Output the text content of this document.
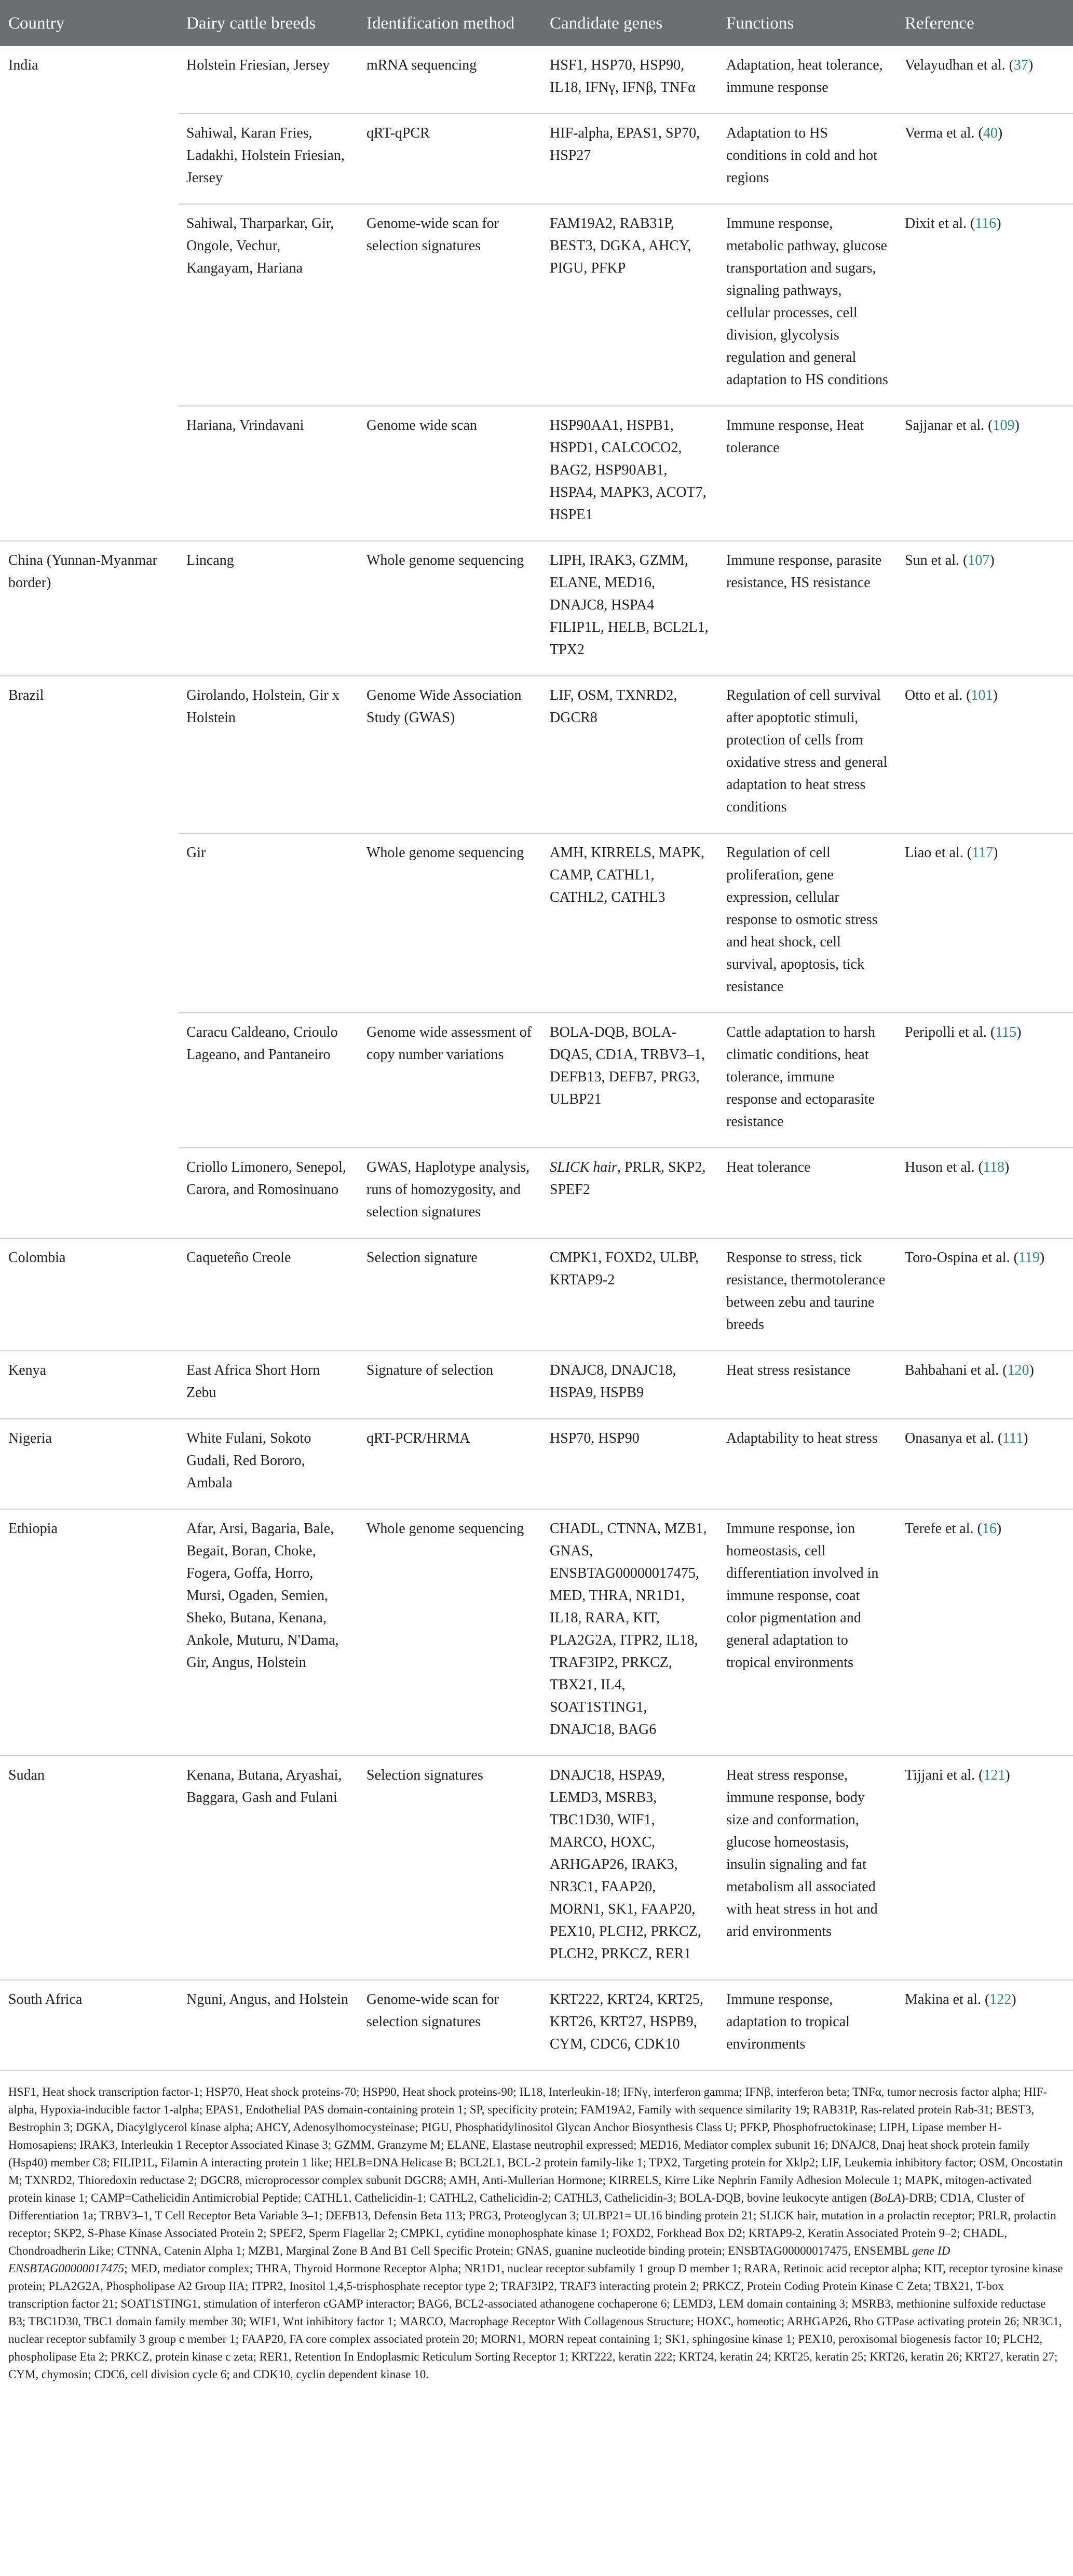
Country	Dairy cattle breeds	Identification method	Candidate genes	Functions	Reference
India	Holstein Friesian, Jersey	mRNA sequencing	HSF1, HSP70, HSP90, IL18, IFNγ, IFNβ, TNFα	Adaptation, heat tolerance, immune response	Velayudhan et al. (37)
	Sahiwal, Karan Fries, Ladakhi, Holstein Friesian, Jersey	qRT-qPCR	HIF-alpha, EPAS1, SP70, HSP27	Adaptation to HS conditions in cold and hot regions	Verma et al. (40)
	Sahiwal, Tharparkar, Gir, Ongole, Vechur, Kangayam, Hariana	Genome-wide scan for selection signatures	FAM19A2, RAB31P, BEST3, DGKA, AHCY, PIGU, PFKP	Immune response, metabolic pathway, glucose transportation and sugars, signaling pathways, cellular processes, cell division, glycolysis regulation and general adaptation to HS conditions	Dixit et al. (116)
	Hariana, Vrindavani	Genome wide scan	HSP90AA1, HSPB1, HSPD1, CALCOCO2, BAG2, HSP90AB1, HSPA4, MAPK3, ACOT7, HSPE1	Immune response, Heat tolerance	Sajjanar et al. (109)
China (Yunnan-Myanmar border)	Lincang	Whole genome sequencing	LIPH, IRAK3, GZMM, ELANE, MED16, DNAJC8, HSPA4 FILIP1L, HELB, BCL2L1, TPX2	Immune response, parasite resistance, HS resistance	Sun et al. (107)
Brazil	Girolando, Holstein, Gir x Holstein	Genome Wide Association Study (GWAS)	LIF, OSM, TXNRD2, DGCR8	Regulation of cell survival after apoptotic stimuli, protection of cells from oxidative stress and general adaptation to heat stress conditions	Otto et al. (101)
	Gir	Whole genome sequencing	AMH, KIRRELS, MAPK, CAMP, CATHL1, CATHL2, CATHL3	Regulation of cell proliferation, gene expression, cellular response to osmotic stress and heat shock, cell survival, apoptosis, tick resistance	Liao et al. (117)
	Caracu Caldeano, Crioulo Lageano, and Pantaneiro	Genome wide assessment of copy number variations	BOLA-DQB, BOLA-DQA5, CD1A, TRBV3–1, DEFB13, DEFB7, PRG3, ULBP21	Cattle adaptation to harsh climatic conditions, heat tolerance, immune response and ectoparasite resistance	Peripolli et al. (115)
	Criollo Limonero, Senepol, Carora, and Romosinuano	GWAS, Haplotype analysis, runs of homozygosity, and selection signatures	SLICK hair, PRLR, SKP2, SPEF2	Heat tolerance	Huson et al. (118)
Colombia	Caqueteño Creole	Selection signature	CMPK1, FOXD2, ULBP, KRTAP9-2	Response to stress, tick resistance, thermotolerance between zebu and taurine breeds	Toro-Ospina et al. (119)
Kenya	East Africa Short Horn Zebu	Signature of selection	DNAJC8, DNAJC18, HSPA9, HSPB9	Heat stress resistance	Bahbahani et al. (120)
Nigeria	White Fulani, Sokoto Gudali, Red Bororo, Ambala	qRT-PCR/HRMA	HSP70, HSP90	Adaptability to heat stress	Onasanya et al. (111)
Ethiopia	Afar, Arsi, Bagaria, Bale, Begait, Boran, Choke, Fogera, Goffa, Horro, Mursi, Ogaden, Semien, Sheko, Butana, Kenana, Ankole, Muturu, N'Dama, Gir, Angus, Holstein	Whole genome sequencing	CHADL, CTNNA, MZB1, GNAS, ENSBTAG00000017475, MED, THRA, NR1D1, IL18, RARA, KIT, PLA2G2A, ITPR2, IL18, TRAF3IP2, PRKCZ, TBX21, IL4, SOAT1STING1, DNAJC18, BAG6	Immune response, ion homeostasis, cell differentiation involved in immune response, coat color pigmentation and general adaptation to tropical environments	Terefe et al. (16)
Sudan	Kenana, Butana, Aryashai, Baggara, Gash and Fulani	Selection signatures	DNAJC18, HSPA9, LEMD3, MSRB3, TBC1D30, WIF1, MARCO, HOXC, ARHGAP26, IRAK3, NR3C1, FAAP20, MORN1, SK1, FAAP20, PEX10, PLCH2, PRKCZ, PLCH2, PRKCZ, RER1	Heat stress response, immune response, body size and conformation, glucose homeostasis, insulin signaling and fat metabolism all associated with heat stress in hot and arid environments	Tijjani et al. (121)
South Africa	Nguni, Angus, and Holstein	Genome-wide scan for selection signatures	KRT222, KRT24, KRT25, KRT26, KRT27, HSPB9, CYM, CDC6, CDK10	Immune response, adaptation to tropical environments	Makina et al. (122)

HSF1, Heat shock transcription factor-1; HSP70, Heat shock proteins-70; HSP90, Heat shock proteins-90; IL18, Interleukin-18; IFNγ, interferon gamma; IFNβ, interferon beta; TNFα, tumor necrosis factor alpha; HIF-alpha, Hypoxia-inducible factor 1-alpha; EPAS1, Endothelial PAS domain-containing protein 1; SP, specificity protein; FAM19A2, Family with sequence similarity 19; RAB31P, Ras-related protein Rab-31; BEST3, Bestrophin 3; DGKA, Diacylglycerol kinase alpha; AHCY, Adenosylhomocysteinase; PIGU, Phosphatidylinositol Glycan Anchor Biosynthesis Class U; PFKP, Phosphofructokinase; LIPH, Lipase member H-Homosapiens; IRAK3, Interleukin 1 Receptor Associated Kinase 3; GZMM, Granzyme M; ELANE, Elastase neutrophil expressed; MED16, Mediator complex subunit 16; DNAJC8, Dnaj heat shock protein family (Hsp40) member C8; FILIP1L, Filamin A interacting protein 1 like; HELB=DNA Helicase B; BCL2L1, BCL-2 protein family-like 1; TPX2, Targeting protein for Xklp2; LIF, Leukemia inhibitory factor; OSM, Oncostatin M; TXNRD2, Thioredoxin reductase 2; DGCR8, microprocessor complex subunit DGCR8; AMH, Anti-Mullerian Hormone; KIRRELS, Kirre Like Nephrin Family Adhesion Molecule 1; MAPK, mitogen-activated protein kinase 1; CAMP=Cathelicidin Antimicrobial Peptide; CATHL1, Cathelicidin-1; CATHL2, Cathelicidin-2; CATHL3, Cathelicidin-3; BOLA-DQB, bovine leukocyte antigen (BoLA)-DRB; CD1A, Cluster of Differentiation 1a; TRBV3–1, T Cell Receptor Beta Variable 3–1; DEFB13, Defensin Beta 113; PRG3, Proteoglycan 3; ULBP21= UL16 binding protein 21; SLICK hair, mutation in a prolactin receptor; PRLR, prolactin receptor; SKP2, S-Phase Kinase Associated Protein 2; SPEF2, Sperm Flagellar 2; CMPK1, cytidine monophosphate kinase 1; FOXD2, Forkhead Box D2; KRTAP9-2, Keratin Associated Protein 9–2; CHADL, Chondroadherin Like; CTNNA, Catenin Alpha 1; MZB1, Marginal Zone B And B1 Cell Specific Protein; GNAS, guanine nucleotide binding protein; ENSBTAG00000017475, ENSEMBL gene ID ENSBTAG00000017475; MED, mediator complex; THRA, Thyroid Hormone Receptor Alpha; NR1D1, nuclear receptor subfamily 1 group D member 1; RARA, Retinoic acid receptor alpha; KIT, receptor tyrosine kinase protein; PLA2G2A, Phospholipase A2 Group IIA; ITPR2, Inositol 1,4,5-trisphosphate receptor type 2; TRAF3IP2, TRAF3 interacting protein 2; PRKCZ, Protein Coding Protein Kinase C Zeta; TBX21, T-box transcription factor 21; SOAT1STING1, stimulation of interferon cGAMP interactor; BAG6, BCL2-associated athanogene cochaperone 6; LEMD3, LEM domain containing 3; MSRB3, methionine sulfoxide reductase B3; TBC1D30, TBC1 domain family member 30; WIF1, Wnt inhibitory factor 1; MARCO, Macrophage Receptor With Collagenous Structure; HOXC, homeotic; ARHGAP26, Rho GTPase activating protein 26; NR3C1, nuclear receptor subfamily 3 group c member 1; FAAP20, FA core complex associated protein 20; MORN1, MORN repeat containing 1; SK1, sphingosine kinase 1; PEX10, peroxisomal biogenesis factor 10; PLCH2, phospholipase Eta 2; PRKCZ, protein kinase c zeta; RER1, Retention In Endoplasmic Reticulum Sorting Receptor 1; KRT222, keratin 222; KRT24, keratin 24; KRT25, keratin 25; KRT26, keratin 26; KRT27, keratin 27; CYM, chymosin; CDC6, cell division cycle 6; and CDK10, cyclin dependent kinase 10.
